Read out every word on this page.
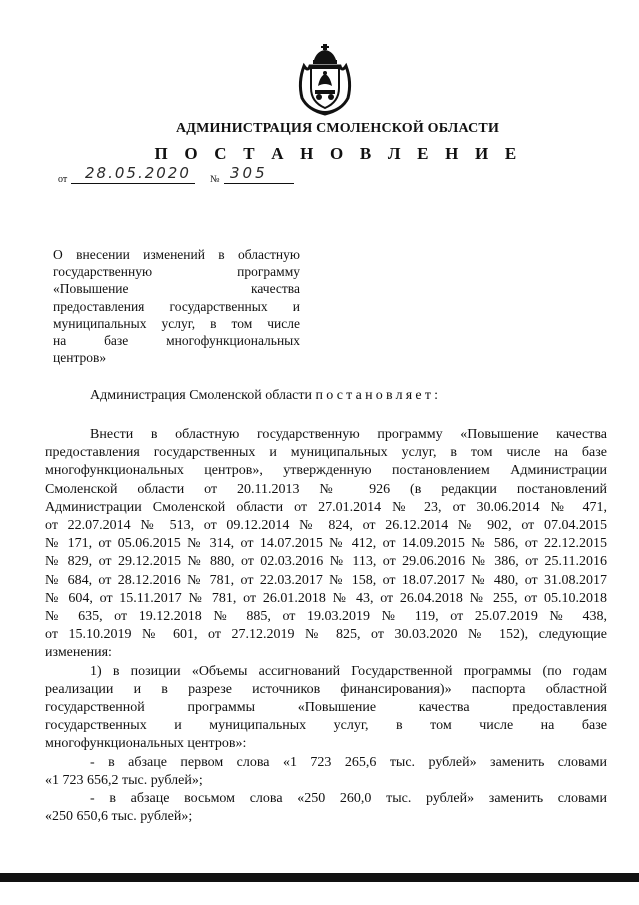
АДМИНИСТРАЦИЯ СМОЛЕНСКОЙ ОБЛАСТИ
П О С Т А Н О В Л Е Н И Е
от	28.05.2020	№ 305
О внесении изменений в областную
государственную программу
«Повышение качества
предоставления государственных и
муниципальных услуг, в том числе
на базе многофункциональных
центров»
Администрация Смоленской области постановляет:
Внести в областную государственную программу «Повышение качества
предоставления государственных и муниципальных услуг, в том числе на базе
многофункциональных центров», утвержденную постановлением Администрации
Смоленской области от 20.11.2013 № 926 (в редакции постановлений
Администрации Смоленской области от 27.01.2014 № 23, от 30.06.2014 № 471,
от 22.07.2014 № 513, от 09.12.2014 № 824, от 26.12.2014 № 902, от 07.04.2015
№ 171, от 05.06.2015 № 314, от 14.07.2015 № 412, от 14.09.2015 № 586, от 22.12.2015
№ 829, от 29.12.2015 № 880, от 02.03.2016 № 113, от 29.06.2016 № 386, от 25.11.2016
№ 684, от 28.12.2016 № 781, от 22.03.2017 № 158, от 18.07.2017 № 480, от 31.08.2017
№ 604, от 15.11.2017 № 781, от 26.01.2018 № 43, от 26.04.2018 № 255, от 05.10.2018
№ 635, от 19.12.2018 № 885, от 19.03.2019 № 119, от 25.07.2019 № 438,
от 15.10.2019 № 601, от 27.12.2019 № 825, от 30.03.2020 № 152), следующие
изменения:
1) в позиции «Объемы ассигнований Государственной программы (по годам
реализации и в разрезе источников финансирования)» паспорта областной
государственной программы «Повышение качества предоставления
государственных и муниципальных услуг, в том числе на базе
многофункциональных центров»:
- в абзаце первом слова «1 723 265,6 тыс. рублей» заменить словами
«1 723 656,2 тыс. рублей»;
- в абзаце восьмом слова «250 260,0 тыс. рублей» заменить словами
«250 650,6 тыс. рублей»;
